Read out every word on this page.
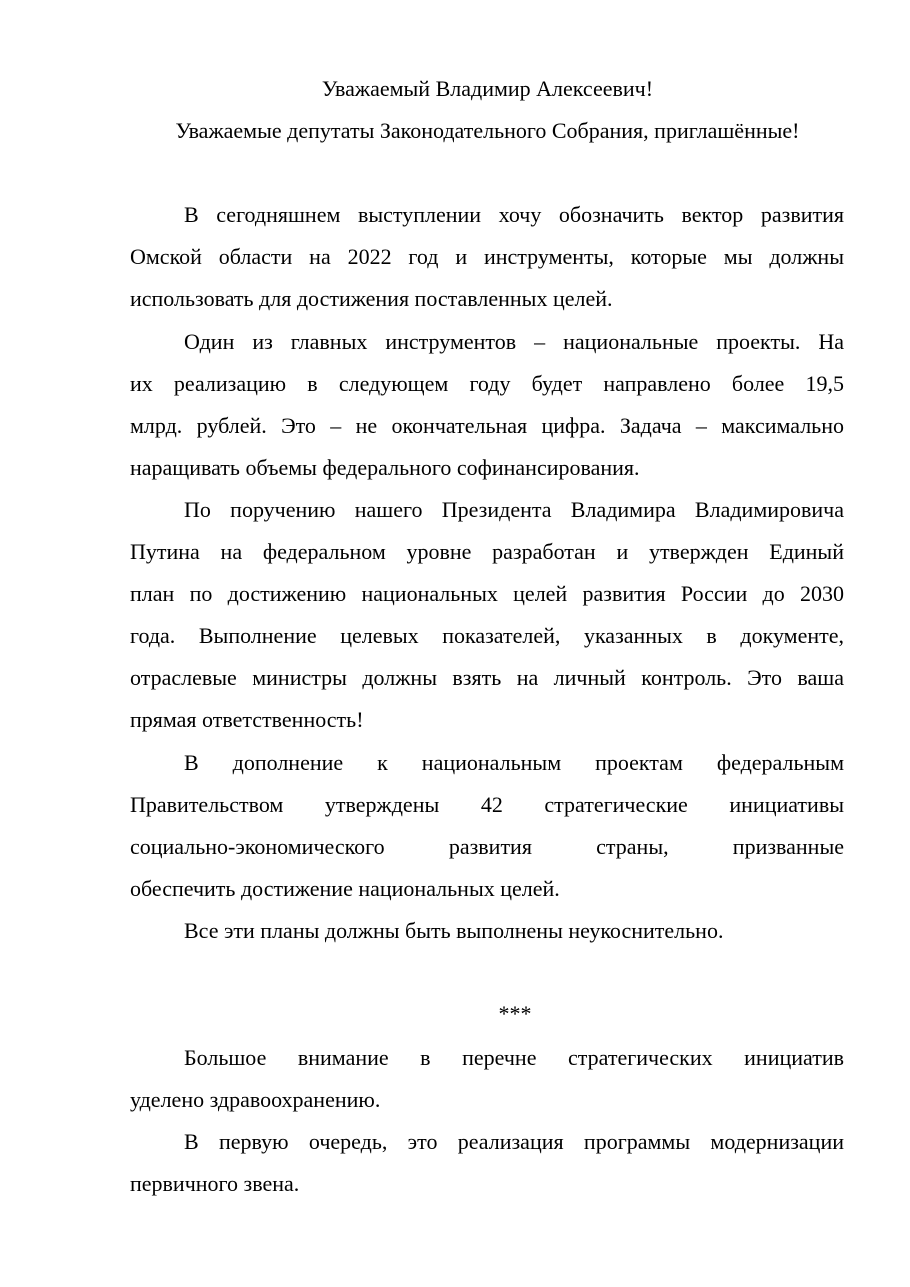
Уважаемый Владимир Алексеевич!
Уважаемые депутаты Законодательного Собрания, приглашённые!
В сегодняшнем выступлении хочу обозначить вектор развития
Омской области на 2022 год и инструменты, которые мы должны
использовать для достижения поставленных целей.
Один из главных инструментов – национальные проекты. На
их реализацию в следующем году будет направлено более 19,5
млрд. рублей. Это – не окончательная цифра. Задача – максимально
наращивать объемы федерального софинансирования.
По поручению нашего Президента Владимира Владимировича
Путина на федеральном уровне разработан и утвержден Единый
план по достижению национальных целей развития России до 2030
года. Выполнение целевых показателей, указанных в документе,
отраслевые министры должны взять на личный контроль. Это ваша
прямая ответственность!
В дополнение к национальным проектам федеральным
Правительством утверждены 42 стратегические инициативы
социально-экономического развития страны, призванные
обеспечить достижение национальных целей.
Все эти планы должны быть выполнены неукоснительно.
***
Большое внимание в перечне стратегических инициатив
уделено здравоохранению.
В первую очередь, это реализация программы модернизации
первичного звена.
